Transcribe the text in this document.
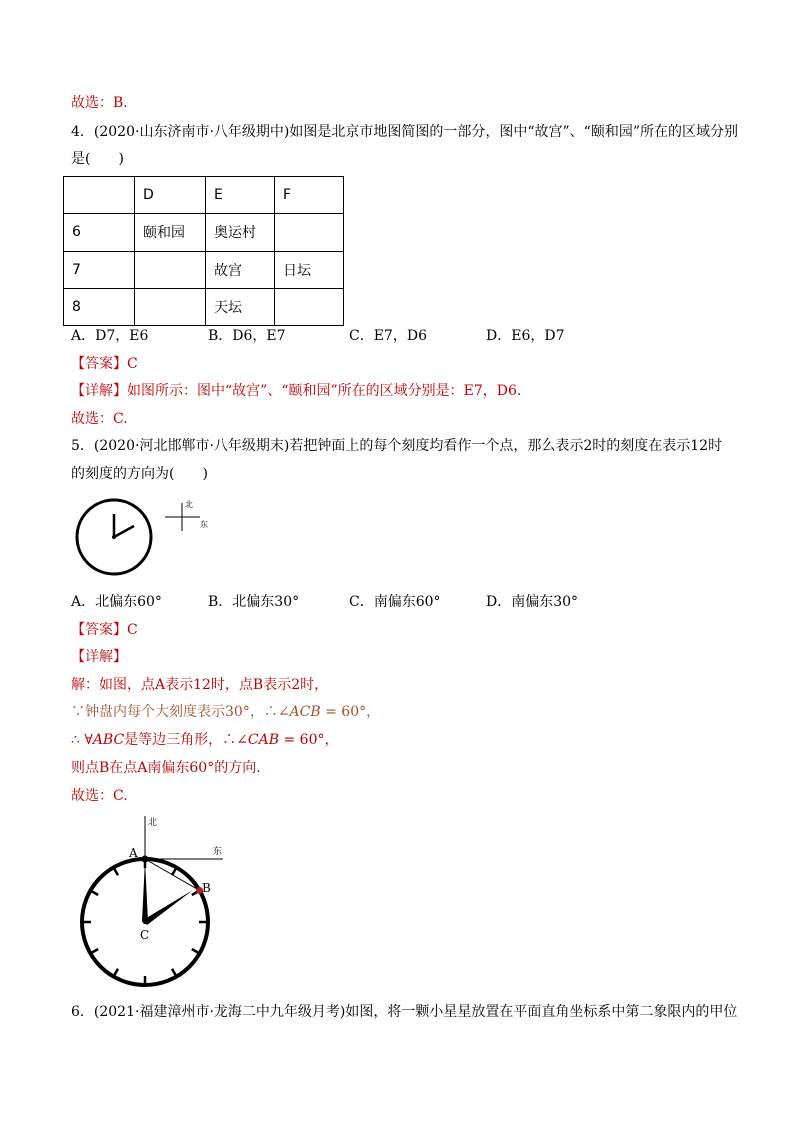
故选：B.
4．(2020·山东济南市·八年级期中)如图是北京市地图简图的一部分，图中“故宫”、“颐和园”所在的区域分别
是(　　)
	D	E	F
6	颐和园	奥运村	
7		故宫	日坛
8		天坛	
A．D7，E6	B．D6，E7	C．E7，D6	D．E6，D7
【答案】C
【详解】如图所示：图中“故宫”、“颐和园”所在的区域分别是：E7，D6.
故选：C.
5．(2020·河北邯郸市·八年级期末)若把钟面上的每个刻度均看作一个点，那么表示2时的刻度在表示12时
的刻度的方向为(　　)
北
东
A．北偏东60°	B．北偏东30°	C．南偏东60°	D．南偏东30°
【答案】C
【详解】
解：如图，点A表示12时，点B表示2时，
∵钟盘内每个大刻度表示30°，∴∠ACB = 60°，
∴ ∀ABC是等边三角形，∴∠CAB = 60°，
则点B在点A南偏东60°的方向.
故选：C.
北
东
A
B
C
6．(2021·福建漳州市·龙海二中九年级月考)如图，将一颗小星星放置在平面直角坐标系中第二象限内的甲位
